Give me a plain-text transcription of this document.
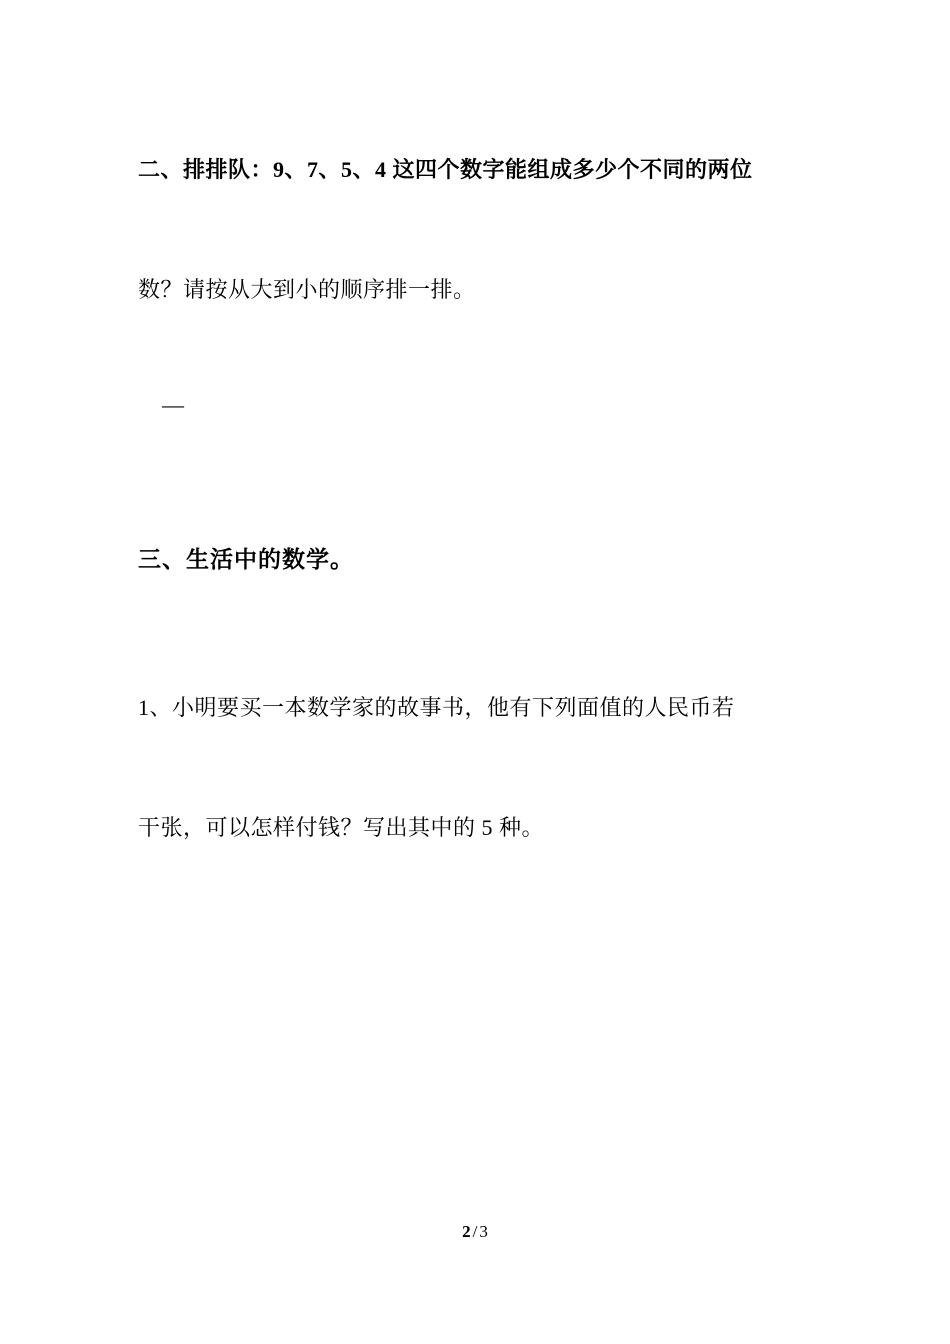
二、排排队：9、7、5、4 这四个数字能组成多少个不同的两位
数？请按从大到小的顺序排一排。
—
三、生活中的数学。
1、小明要买一本数学家的故事书，他有下列面值的人民币若
干张，可以怎样付钱？写出其中的 5 种。
2 / 3
